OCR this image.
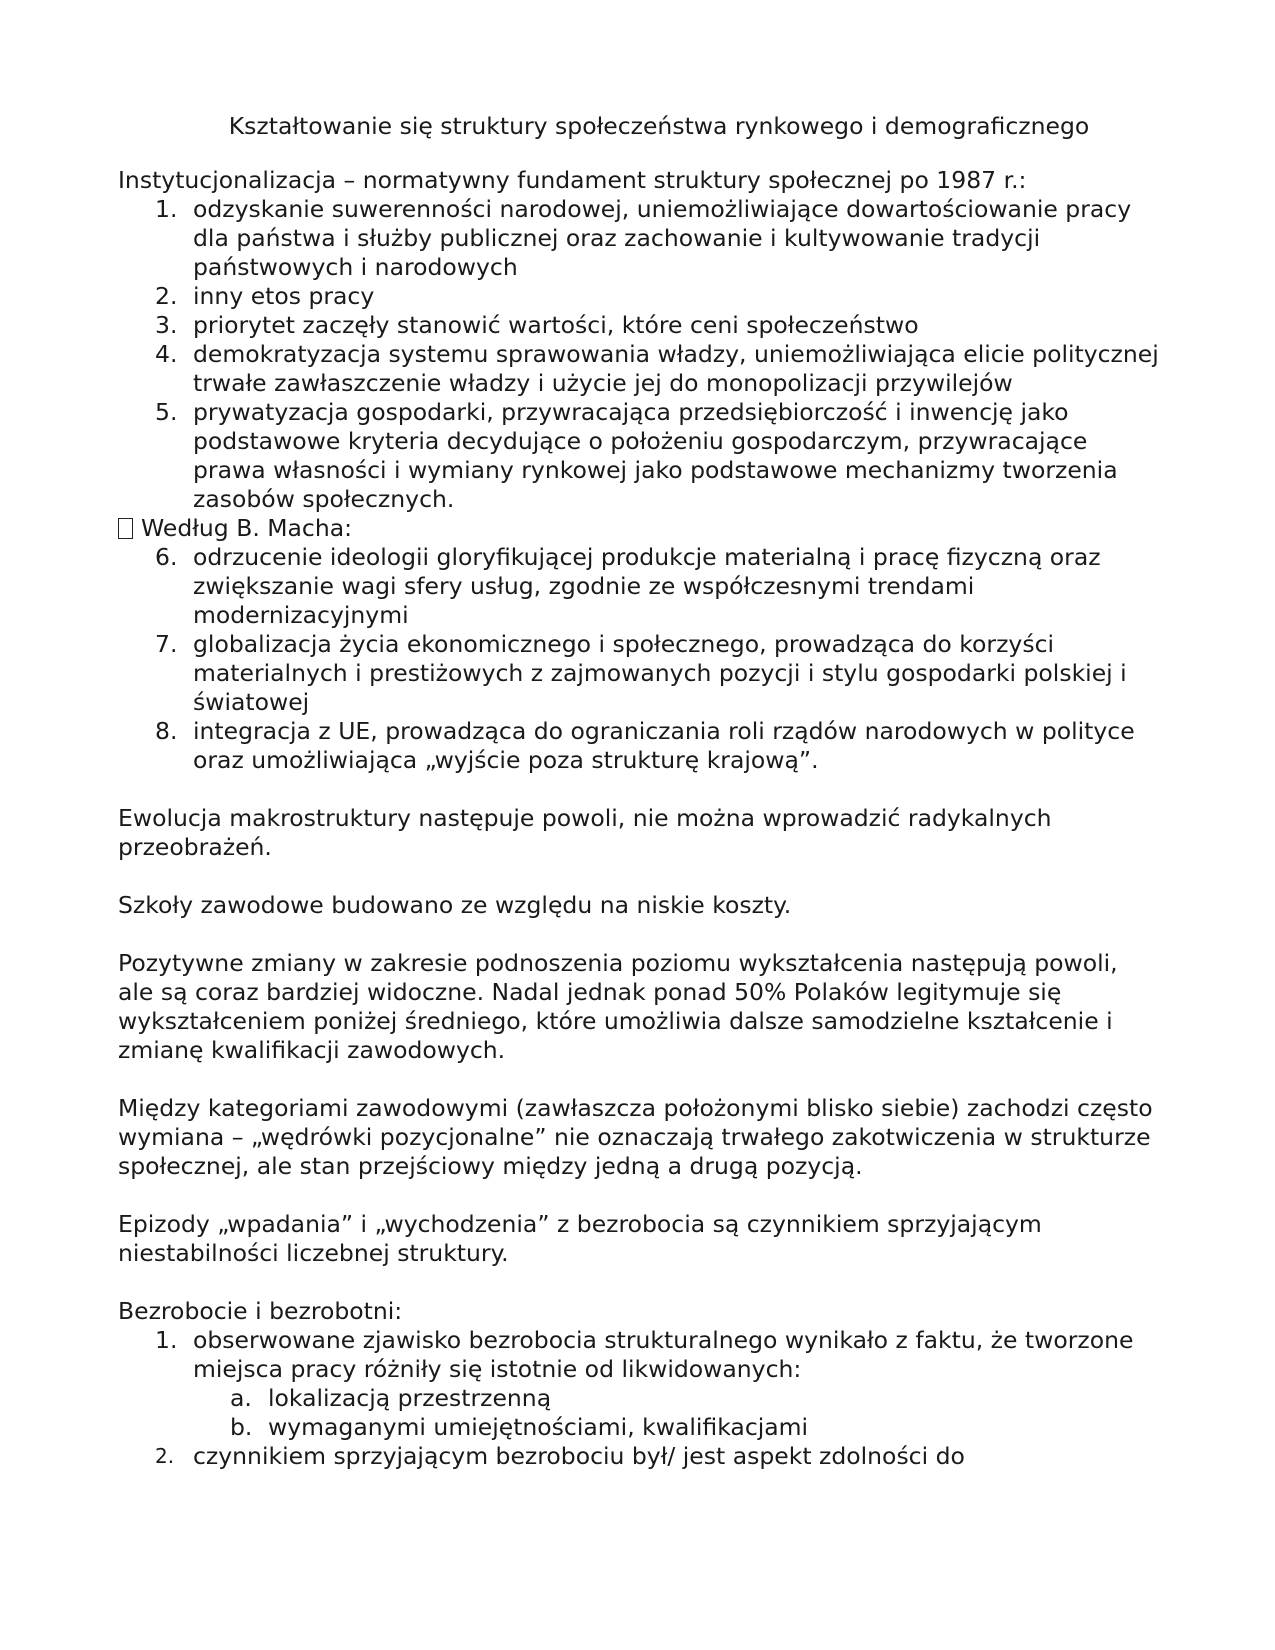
Kształtowanie się struktury społeczeństwa rynkowego i demograficznego

Instytucjonalizacja – normatywny fundament struktury społecznej po 1987 r.:

1. odzyskanie suwerenności narodowej, uniemożliwiające dowartościowanie pracy dla państwa i służby publicznej oraz zachowanie i kultywowanie tradycji państwowych i narodowych
2. inny etos pracy
3. priorytet zaczęły stanowić wartości, które ceni społeczeństwo
4. demokratyzacja systemu sprawowania władzy, uniemożliwiająca elicie politycznej trwałe zawłaszczenie władzy i użycie jej do monopolizacji przywilejów
5. prywatyzacja gospodarki, przywracająca przedsiębiorczość i inwencję jako podstawowe kryteria decydujące o położeniu gospodarczym, przywracające prawa własności i wymiany rynkowej jako podstawowe mechanizmy tworzenia zasobów społecznych.

Według B. Macha:

6. odrzucenie ideologii gloryfikującej produkcje materialną i pracę fizyczną oraz zwiększanie wagi sfery usług, zgodnie ze współczesnymi trendami modernizacyjnymi
7. globalizacja życia ekonomicznego i społecznego, prowadząca do korzyści materialnych i prestiżowych z zajmowanych pozycji i stylu gospodarki polskiej i światowej
8. integracja z UE, prowadząca do ograniczania roli rządów narodowych w polityce oraz umożliwiająca „wyjście poza strukturę krajową”.

Ewolucja makrostruktury następuje powoli, nie można wprowadzić radykalnych przeobrażeń.

Szkoły zawodowe budowano ze względu na niskie koszty.

Pozytywne zmiany w zakresie podnoszenia poziomu wykształcenia następują powoli, ale są coraz bardziej widoczne. Nadal jednak ponad 50% Polaków legitymuje się wykształceniem poniżej średniego, które umożliwia dalsze samodzielne kształcenie i zmianę kwalifikacji zawodowych.

Między kategoriami zawodowymi (zawłaszcza położonymi blisko siebie) zachodzi często wymiana – „wędrówki pozycjonalne” nie oznaczają trwałego zakotwiczenia w strukturze społecznej, ale stan przejściowy między jedną a drugą pozycją.

Epizody „wpadania” i „wychodzenia” z bezrobocia są czynnikiem sprzyjającym niestabilności liczebnej struktury.

Bezrobocie i bezrobotni:

1. obserwowane zjawisko bezrobocia strukturalnego wynikało z faktu, że tworzone miejsca pracy różniły się istotnie od likwidowanych:
a. lokalizacją przestrzenną
b. wymaganymi umiejętnościami, kwalifikacjami
2. czynnikiem sprzyjającym bezrobociu był/ jest aspekt zdolności do
